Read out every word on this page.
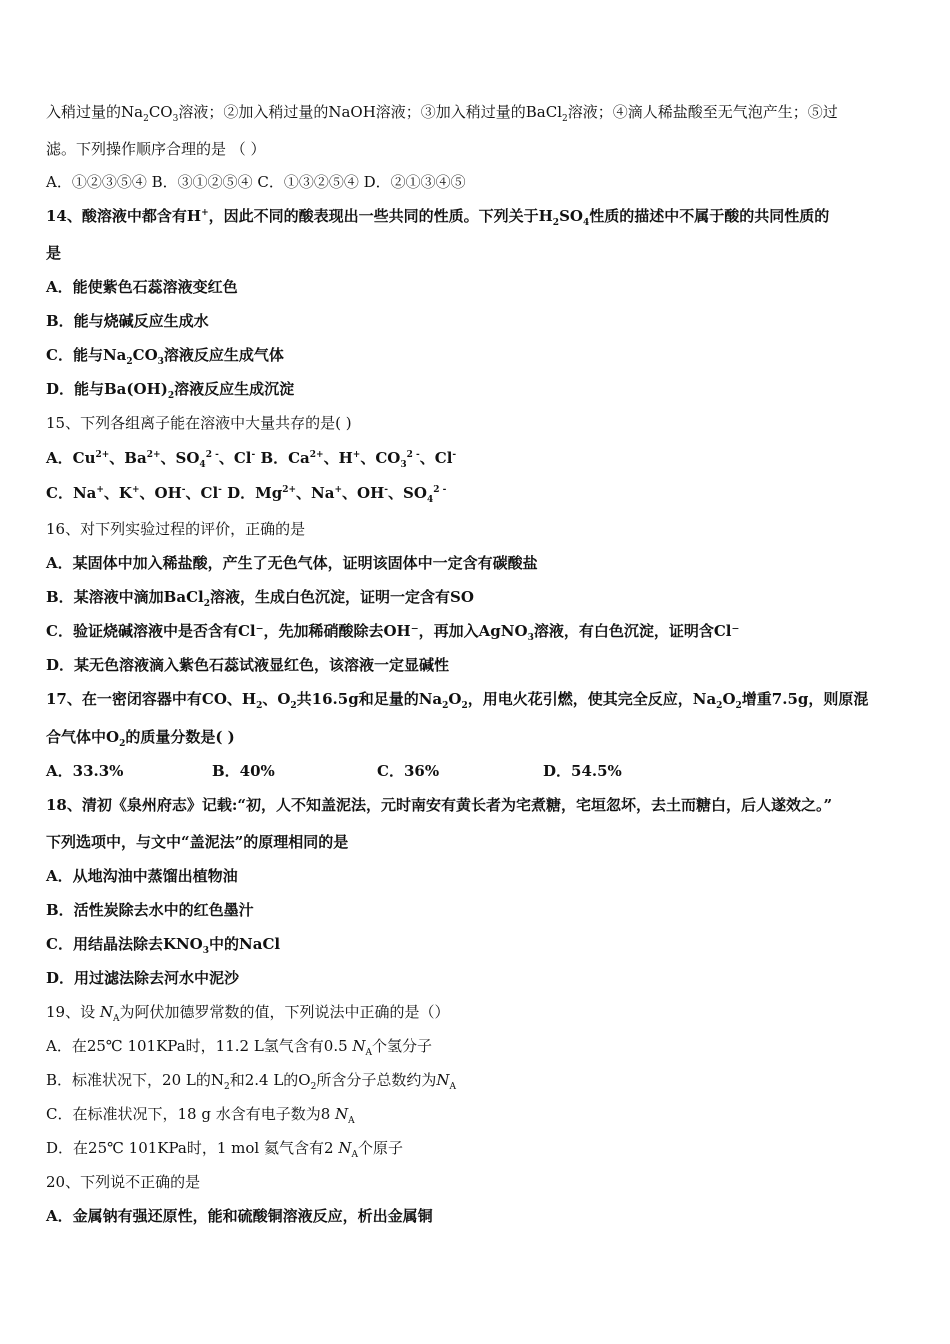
入稍过量的$Na_2CO_3$溶液；②加入稍过量的NaOH溶液；③加入稍过量的BaCl$_2$溶液；④滴人稀盐酸至无气泡产生；⑤过
滤。下列操作顺序合理的是 （ ）
A．①②③⑤④ B．③①②⑤④ C．①③②⑤④ D．②①③④⑤
14、酸溶液中都含有H+，因此不同的酸表现出一些共同的性质。下列关于$H_2SO_4$性质的描述中不属于酸的共同性质的
是
A．能使紫色石蕊溶液变红色
B．能与烧碱反应生成水
C．能与$Na_2CO_3$溶液反应生成气体
D．能与$Ba(OH)_2$溶液反应生成沉淀
15、下列各组离子能在溶液中大量共存的是( )
A．$Cu^{2+}$、$Ba^{2+}$、$SO_4^{2 -}$、Cl- B．$Ca^{2+}$、H+、$CO_3^{2 -}$、Cl-
C．Na+、K+、OH-、Cl- D．$Mg^{2+}$、Na+、OH-、$SO_4^{2 -}$
16、对下列实验过程的评价，正确的是
A．某固体中加入稀盐酸，产生了无色气体，证明该固体中一定含有碳酸盐
B．某溶液中滴加BaCl$_2$溶液，生成白色沉淀，证明一定含有SO
C．验证烧碱溶液中是否含有Cl⁻，先加稀硝酸除去OH⁻，再加入AgNO$_3$溶液，有白色沉淀，证明含Cl⁻
D．某无色溶液滴入紫色石蕊试液显红色，该溶液一定显碱性
17、在一密闭容器中有CO、$H_2$、$O_2$共16.5g和足量的$Na_2O_2$，用电火花引燃，使其完全反应，$Na_2O_2$增重7.5g，则原混
合气体中$O_2$的质量分数是( )
18、清初《泉州府志》记载:“初，人不知盖泥法，元时南安有黄长者为宅煮糖，宅垣忽坏，去土而糖白，后人遂效之。”
下列选项中，与文中“盖泥法”的原理相同的是
A．从地沟油中蒸馏出植物油
B．活性炭除去水中的红色墨汁
C．用结晶法除去$KNO_3$中的NaCl
D．用过滤法除去河水中泥沙
19、设 $N_A$为阿伏加德罗常数的值，下列说法中正确的是（）
A．在25℃ 101KPa时，11.2 L氢气含有0.5 $N_A$个氢分子
B．标准状况下，20 L的$N_2$和2.4 L的$O_2$所含分子总数约为$N_A$
C．在标准状况下，18 g 水含有电子数为8 $N_A$
D．在25℃ 101KPa时，1 mol 氦气含有2 $N_A$个原子
20、下列说不正确的是
A．金属钠有强还原性，能和硫酸铜溶液反应，析出金属铜
A．33.3%	B．40%	C．36%	D．54.5%
